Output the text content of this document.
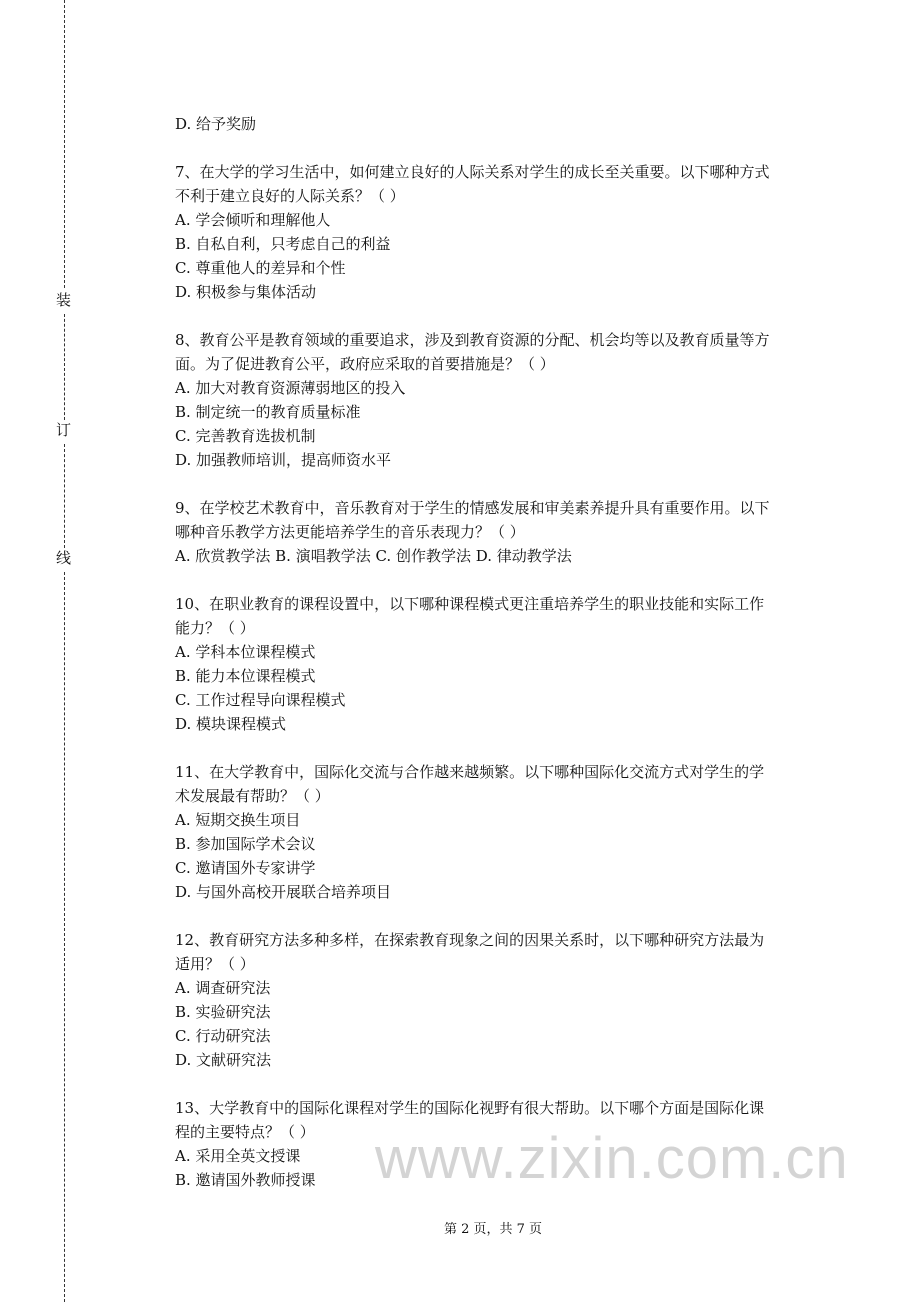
装
订
线
D. 给予奖励
7、在大学的学习生活中，如何建立良好的人际关系对学生的成长至关重要。以下哪种方式
不利于建立良好的人际关系？（ ）
A. 学会倾听和理解他人
B. 自私自利，只考虑自己的利益
C. 尊重他人的差异和个性
D. 积极参与集体活动
8、教育公平是教育领域的重要追求，涉及到教育资源的分配、机会均等以及教育质量等方
面。为了促进教育公平，政府应采取的首要措施是？（ ）
A. 加大对教育资源薄弱地区的投入
B. 制定统一的教育质量标准
C. 完善教育选拔机制
D. 加强教师培训，提高师资水平
9、在学校艺术教育中，音乐教育对于学生的情感发展和审美素养提升具有重要作用。以下
哪种音乐教学方法更能培养学生的音乐表现力？（ ）
A. 欣赏教学法 B. 演唱教学法 C. 创作教学法 D. 律动教学法
10、在职业教育的课程设置中，以下哪种课程模式更注重培养学生的职业技能和实际工作
能力？（ ）
A. 学科本位课程模式
B. 能力本位课程模式
C. 工作过程导向课程模式
D. 模块课程模式
11、在大学教育中，国际化交流与合作越来越频繁。以下哪种国际化交流方式对学生的学
术发展最有帮助？（ ）
A. 短期交换生项目
B. 参加国际学术会议
C. 邀请国外专家讲学
D. 与国外高校开展联合培养项目
12、教育研究方法多种多样，在探索教育现象之间的因果关系时，以下哪种研究方法最为
适用？（ ）
A. 调查研究法
B. 实验研究法
C. 行动研究法
D. 文献研究法
13、大学教育中的国际化课程对学生的国际化视野有很大帮助。以下哪个方面是国际化课
程的主要特点？（ ）
A. 采用全英文授课
B. 邀请国外教师授课 www.zixin.com.cn
第 2 页，共 7 页
